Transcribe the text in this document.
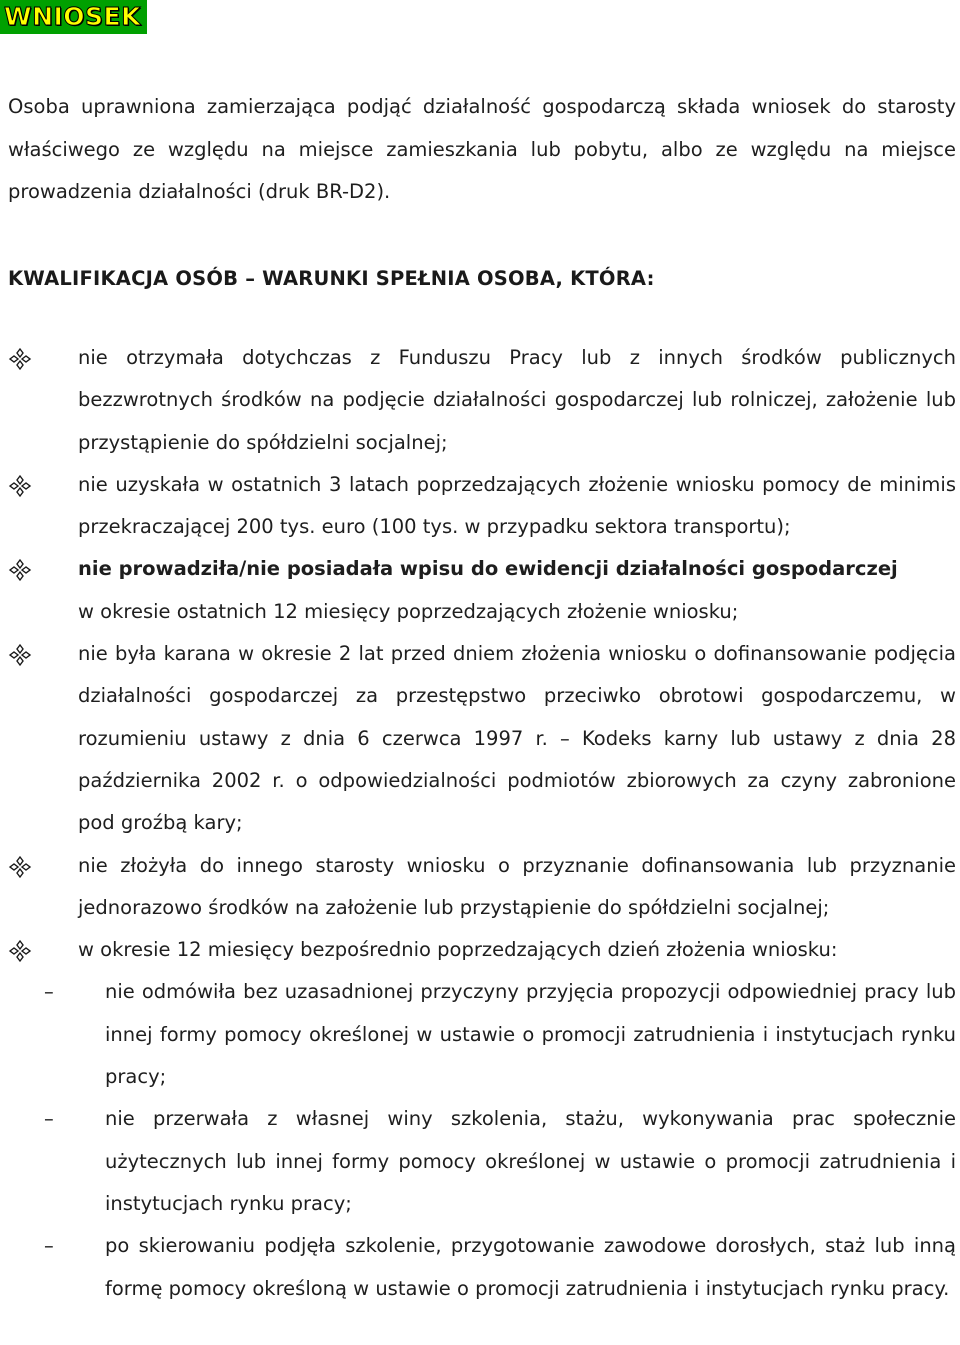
WNIOSEK
Osoba uprawniona zamierzająca podjąć działalność gospodarczą składa wniosek do starosty właściwego ze względu na miejsce zamieszkania lub pobytu, albo ze względu na miejsce prowadzenia działalności (druk BR-D2).
KWALIFIKACJA OSÓB – WARUNKI SPEŁNIA OSOBA, KTÓRA:
nie otrzymała dotychczas z Funduszu Pracy lub z innych środków publicznych bezzwrotnych środków na podjęcie działalności gospodarczej lub rolniczej, założenie lub przystąpienie do spółdzielni socjalnej;
nie uzyskała w ostatnich 3 latach poprzedzających złożenie wniosku pomocy de minimis przekraczającej 200 tys. euro (100 tys. w przypadku sektora transportu);
nie prowadziła/nie posiadała wpisu do ewidencji działalności gospodarczej
w okresie ostatnich 12 miesięcy poprzedzających złożenie wniosku;
nie była karana w okresie 2 lat przed dniem złożenia wniosku o dofinansowanie podjęcia działalności gospodarczej za przestępstwo przeciwko obrotowi gospodarczemu, w rozumieniu ustawy z dnia 6 czerwca 1997 r. – Kodeks karny lub ustawy z dnia 28 października 2002 r. o odpowiedzialności podmiotów zbiorowych za czyny zabronione pod groźbą kary;
nie złożyła do innego starosty wniosku o przyznanie dofinansowania lub przyznanie jednorazowo środków na założenie lub przystąpienie do spółdzielni socjalnej;
w okresie 12 miesięcy bezpośrednio poprzedzających dzień złożenia wniosku:
–	nie odmówiła bez uzasadnionej przyczyny przyjęcia propozycji odpowiedniej pracy lub innej formy pomocy określonej w ustawie o promocji zatrudnienia i instytucjach rynku pracy;
–	nie przerwała z własnej winy szkolenia, stażu, wykonywania prac społecznie użytecznych lub innej formy pomocy określonej w ustawie o promocji zatrudnienia i instytucjach rynku pracy;
–	po skierowaniu podjęła szkolenie, przygotowanie zawodowe dorosłych, staż lub inną formę pomocy określoną w ustawie o promocji zatrudnienia i instytucjach rynku pracy.
